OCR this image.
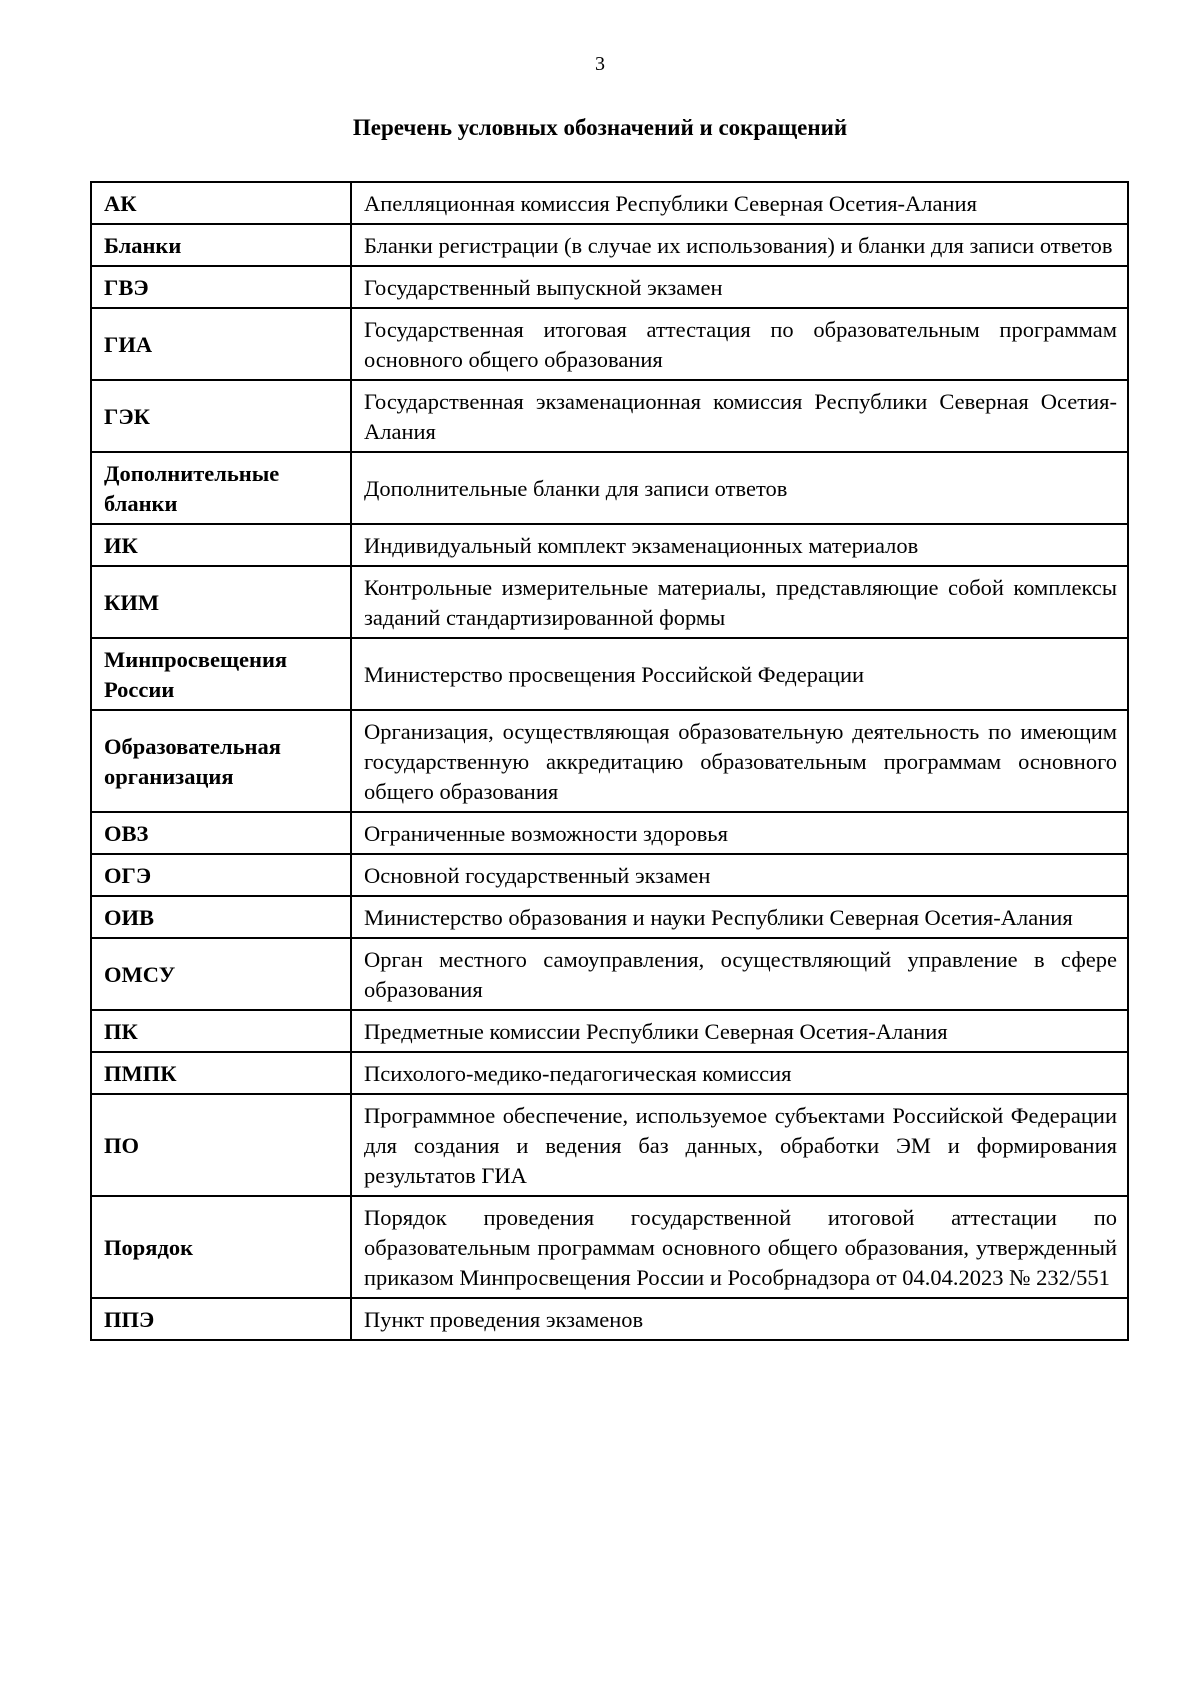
3
Перечень условных обозначений и сокращений
АК	Апелляционная комиссия Республики Северная Осетия-Алания
Бланки	Бланки регистрации (в случае их использования) и бланки для записи ответов
ГВЭ	Государственный выпускной экзамен
ГИА	Государственная итоговая аттестация по образовательным программам основного общего образования
ГЭК	Государственная экзаменационная комиссия Республики Северная Осетия-Алания
Дополнительные бланки	Дополнительные бланки для записи ответов
ИК	Индивидуальный комплект экзаменационных материалов
КИМ	Контрольные измерительные материалы, представляющие собой комплексы заданий стандартизированной формы
Минпросвещения России	Министерство просвещения Российской Федерации
Образовательная организация	Организация, осуществляющая образовательную деятельность по имеющим государственную аккредитацию образовательным программам основного общего образования
ОВЗ	Ограниченные возможности здоровья
ОГЭ	Основной государственный экзамен
ОИВ	Министерство образования и науки Республики Северная Осетия-Алания
ОМСУ	Орган местного самоуправления, осуществляющий управление в сфере образования
ПК	Предметные комиссии Республики Северная Осетия-Алания
ПМПК	Психолого-медико-педагогическая комиссия
ПО	Программное обеспечение, используемое субъектами Российской Федерации для создания и ведения баз данных, обработки ЭМ и формирования результатов ГИА
Порядок	Порядок проведения государственной итоговой аттестации по образовательным программам основного общего образования, утвержденный приказом Минпросвещения России и Рособрнадзора от 04.04.2023 № 232/551
ППЭ	Пункт проведения экзаменов
